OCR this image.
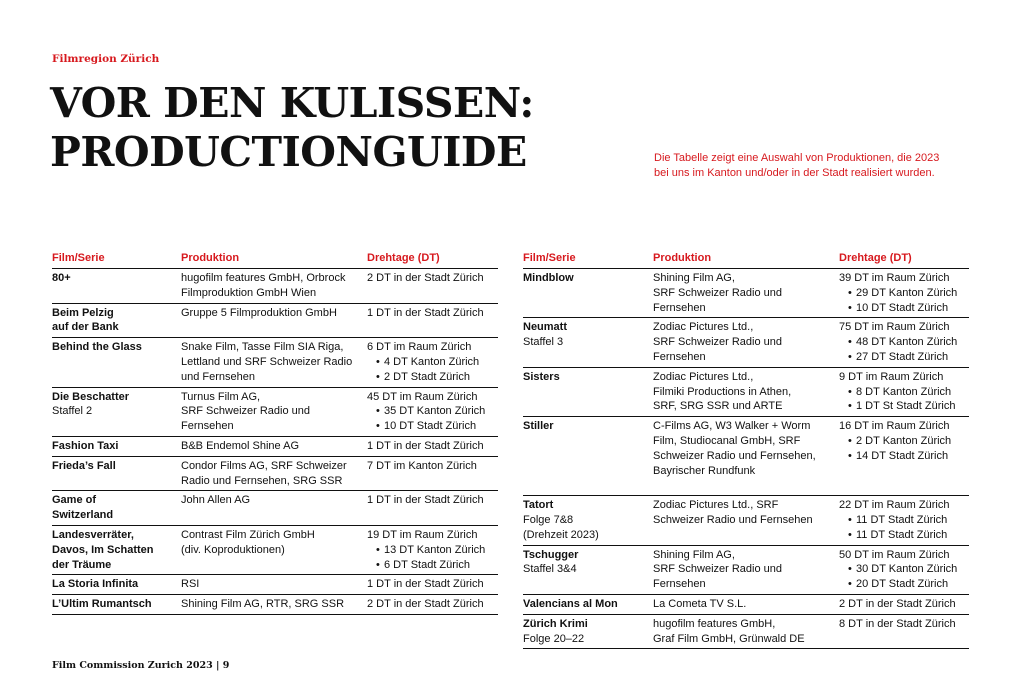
Filmregion Zürich
VOR DEN KULISSEN:
PRODUCTIONGUIDE	Die Tabelle zeigt eine Auswahl von Produktionen, die 2023
bei uns im Kanton und/oder in der Stadt realisiert wurden.
Film/Serie	Produktion	Drehtage (DT)

80+	hugofilm features GmbH, Orbrock
Filmproduktion GmbH Wien	2 DT in der Stadt Zürich

Beim Pelzig
auf der Bank	Gruppe 5 Filmproduktion GmbH	1 DT in der Stadt Zürich

Behind the Glass	Snake Film, Tasse Film SIA Riga,
Lettland und SRF Schweizer Radio
und Fernsehen	6 DT im Raum Zürich
• 4 DT Kanton Zürich
• 2 DT Stadt Zürich

Die Beschatter
Staffel 2	Turnus Film AG,
SRF Schweizer Radio und
Fernsehen	45 DT im Raum Zürich
• 35 DT Kanton Zürich
• 10 DT Stadt Zürich

Fashion Taxi	B&B Endemol Shine AG	1 DT in der Stadt Zürich

Frieda’s Fall	Condor Films AG, SRF Schweizer
Radio und Fernsehen, SRG SSR	7 DT im Kanton Zürich

Game of
Switzerland	John Allen AG	1 DT in der Stadt Zürich

Landesverräter,
Davos, Im Schatten
der Träume	Contrast Film Zürich GmbH
(div. Koproduktionen)	19 DT im Raum Zürich
• 13 DT Kanton Zürich
• 6 DT Stadt Zürich

La Storia Infinita	RSI	1 DT in der Stadt Zürich

L’Ultim Rumantsch	Shining Film AG, RTR, SRG SSR	2 DT in der Stadt Zürich
Film/Serie	Produktion	Drehtage (DT)

Mindblow	Shining Film AG,
SRF Schweizer Radio und
Fernsehen	39 DT im Raum Zürich
• 29 DT Kanton Zürich
• 10 DT Stadt Zürich

Neumatt
Staffel 3	Zodiac Pictures Ltd.,
SRF Schweizer Radio und
Fernsehen	75 DT im Raum Zürich
• 48 DT Kanton Zürich
• 27 DT Stadt Zürich

Sisters	Zodiac Pictures Ltd.,
Filmiki Productions in Athen,
SRF, SRG SSR und ARTE	9 DT im Raum Zürich
• 8 DT Kanton Zürich
• 1 DT St Stadt Zürich

Stiller	C-Films AG, W3 Walker + Worm
Film, Studiocanal GmbH, SRF
Schweizer Radio und Fernsehen,
Bayrischer Rundfunk	16 DT im Raum Zürich
• 2 DT Kanton Zürich
• 14 DT Stadt Zürich

Tatort
Folge 7&8
(Drehzeit 2023)	Zodiac Pictures Ltd., SRF
Schweizer Radio und Fernsehen	22 DT im Raum Zürich
• 11 DT Stadt Zürich
• 11 DT Stadt Zürich

Tschugger
Staffel 3&4	Shining Film AG,
SRF Schweizer Radio und
Fernsehen	50 DT im Raum Zürich
• 30 DT Kanton Zürich
• 20 DT Stadt Zürich

Valencians al Mon	La Cometa TV S.L.	2 DT in der Stadt Zürich

Zürich Krimi
Folge 20–22	hugofilm features GmbH,
Graf Film GmbH, Grünwald DE	8 DT in der Stadt Zürich
Film Commission Zurich 2023 | 9
